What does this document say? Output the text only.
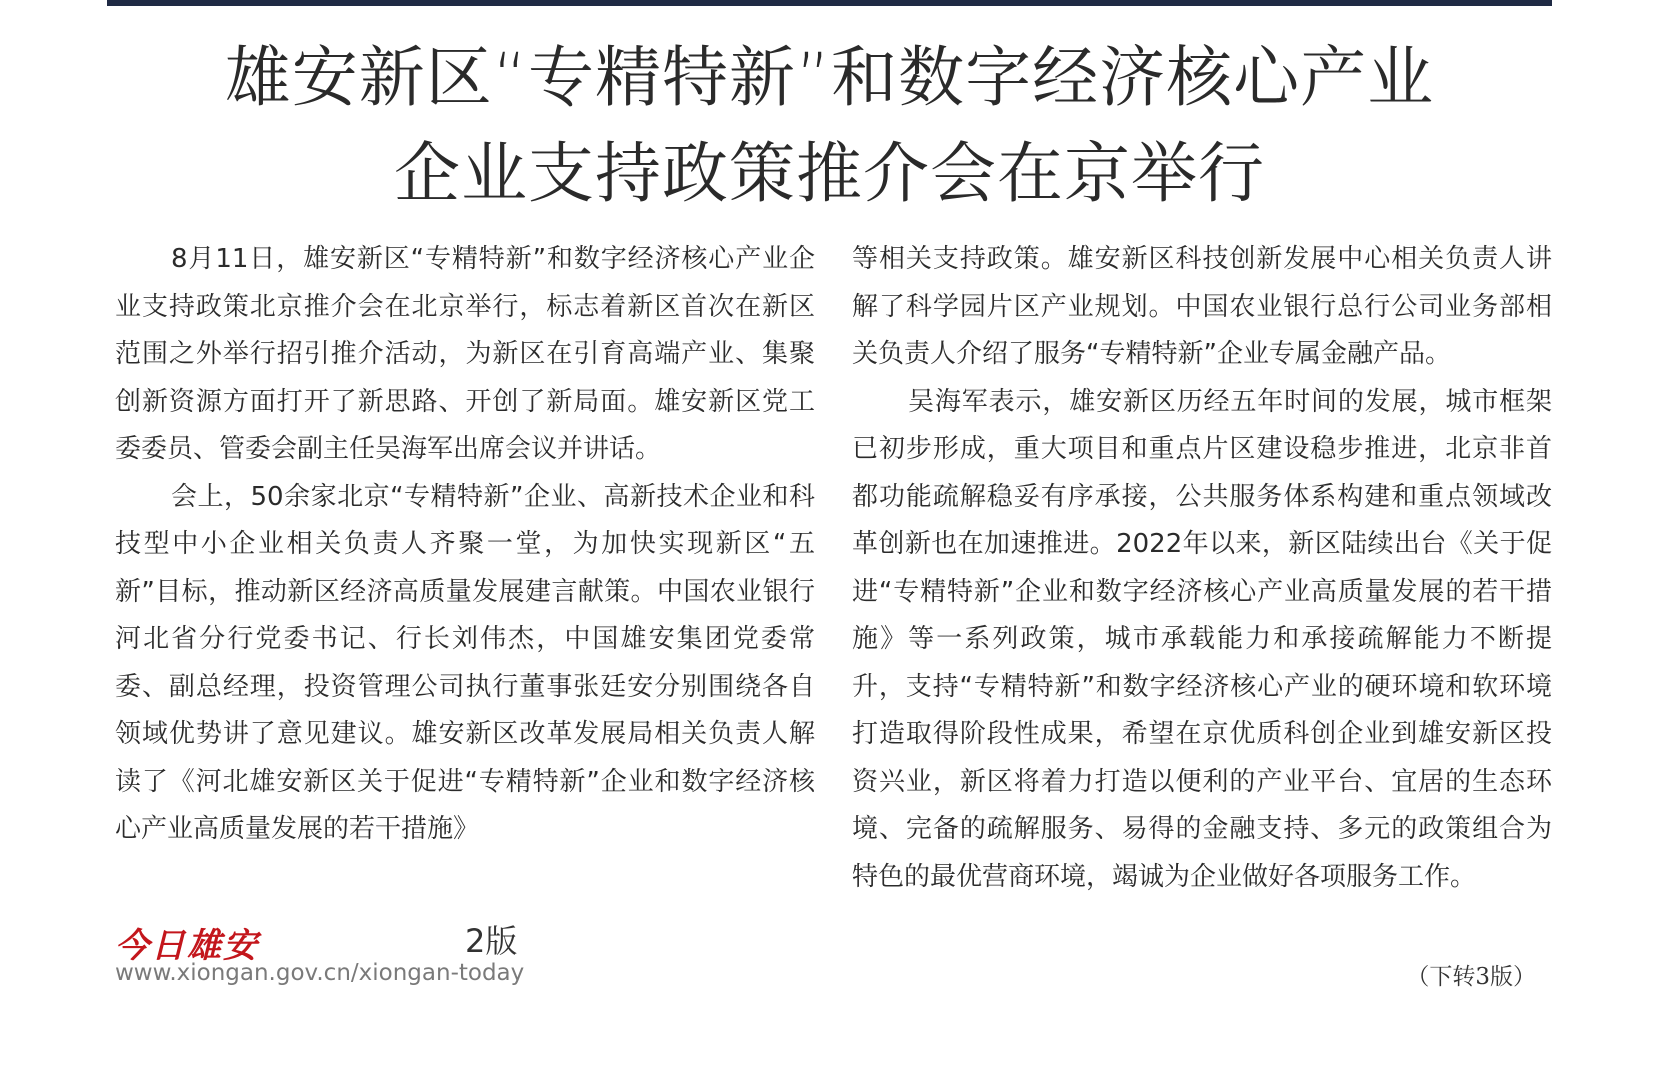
雄安新区“专精特新”和数字经济核心产业
企业支持政策推介会在京举行

8月11日，雄安新区“专精特新”和数字经济核心产业企业支持政策北京推介会在北京举行，标志着新区首次在新区范围之外举行招引推介活动，为新区在引育高端产业、集聚创新资源方面打开了新思路、开创了新局面。雄安新区党工委委员、管委会副主任吴海军出席会议并讲话。

会上，50余家北京“专精特新”企业、高新技术企业和科技型中小企业相关负责人齐聚一堂，为加快实现新区“五新”目标，推动新区经济高质量发展建言献策。中国农业银行河北省分行党委书记、行长刘伟杰，中国雄安集团党委常委、副总经理，投资管理公司执行董事张廷安分别围绕各自领域优势讲了意见建议。雄安新区改革发展局相关负责人解读了《河北雄安新区关于促进“专精特新”企业和数字经济核心产业高质量发展的若干措施》

等相关支持政策。雄安新区科技创新发展中心相关负责人讲解了科学园片区产业规划。中国农业银行总行公司业务部相关负责人介绍了服务“专精特新”企业专属金融产品。

吴海军表示，雄安新区历经五年时间的发展，城市框架已初步形成，重大项目和重点片区建设稳步推进，北京非首都功能疏解稳妥有序承接，公共服务体系构建和重点领域改革创新也在加速推进。2022年以来，新区陆续出台《关于促进“专精特新”企业和数字经济核心产业高质量发展的若干措施》等一系列政策，城市承载能力和承接疏解能力不断提升，支持“专精特新”和数字经济核心产业的硬环境和软环境打造取得阶段性成果，希望在京优质科创企业到雄安新区投资兴业，新区将着力打造以便利的产业平台、宜居的生态环境、完备的疏解服务、易得的金融支持、多元的政策组合为特色的最优营商环境，竭诚为企业做好各项服务工作。

今日雄安	2版
www.xiongan.gov.cn/xiongan-today	（下转3版）
